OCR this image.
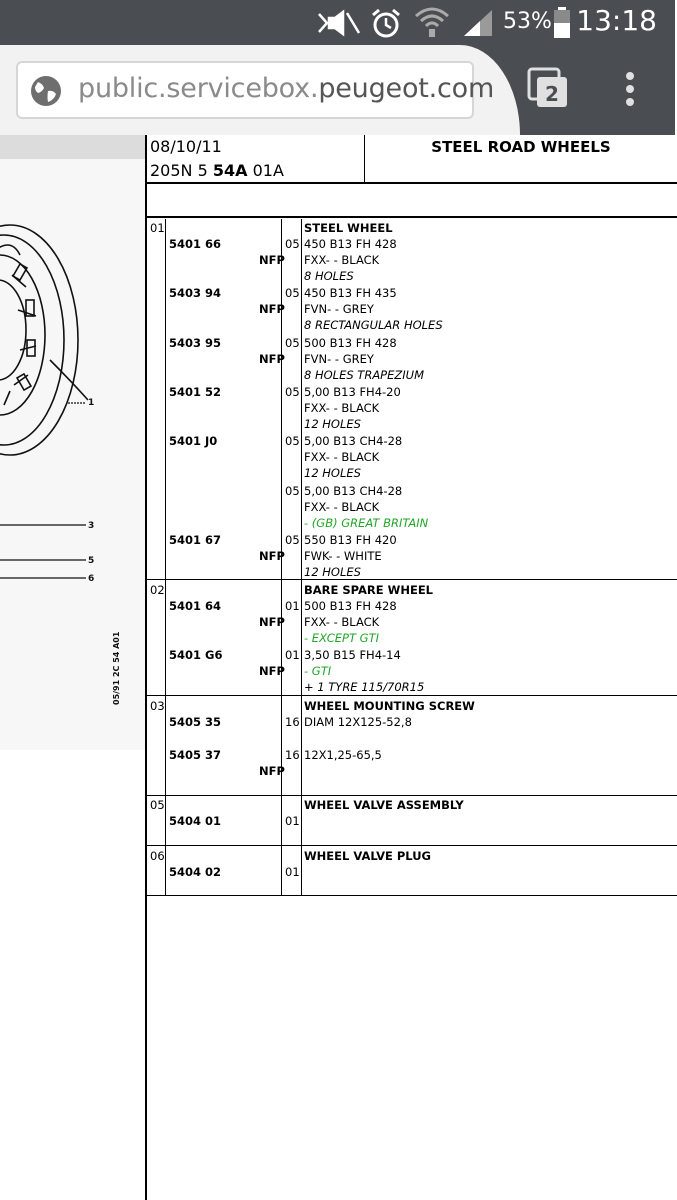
53% 13:18
public.servicebox.peugeot.com	2
1
3
5
6
05/91 2C 54 A01
08/10/11
205N 5 54A 01A
STEEL ROAD WHEELS
01	STEEL WHEEL
5401 66	05 450 B13 FH 428
NFP FXX- - BLACK
8 HOLES
5403 94	05 450 B13 FH 435
NFP FVN- - GREY
8 RECTANGULAR HOLES
5403 95	05 500 B13 FH 428
NFP FVN- - GREY
8 HOLES TRAPEZIUM
5401 52	05 5,00 B13 FH4-20
FXX- - BLACK
12 HOLES
5401 J0	05 5,00 B13 CH4-28
FXX- - BLACK
12 HOLES
05 5,00 B13 CH4-28
FXX- - BLACK
- (GB) GREAT BRITAIN
5401 67	05 550 B13 FH 420
NFP FWK- - WHITE
12 HOLES
02	BARE SPARE WHEEL
5401 64	01 500 B13 FH 428
NFP FXX- - BLACK
- EXCEPT GTI
5401 G6	01 3,50 B15 FH4-14
NFP - GTI
+ 1 TYRE 115/70R15
03	WHEEL MOUNTING SCREW
5405 35	16 DIAM 12X125-52,8
5405 37	16 12X1,25-65,5
NFP
05	WHEEL VALVE ASSEMBLY
5404 01	01
06	WHEEL VALVE PLUG
5404 02	01
